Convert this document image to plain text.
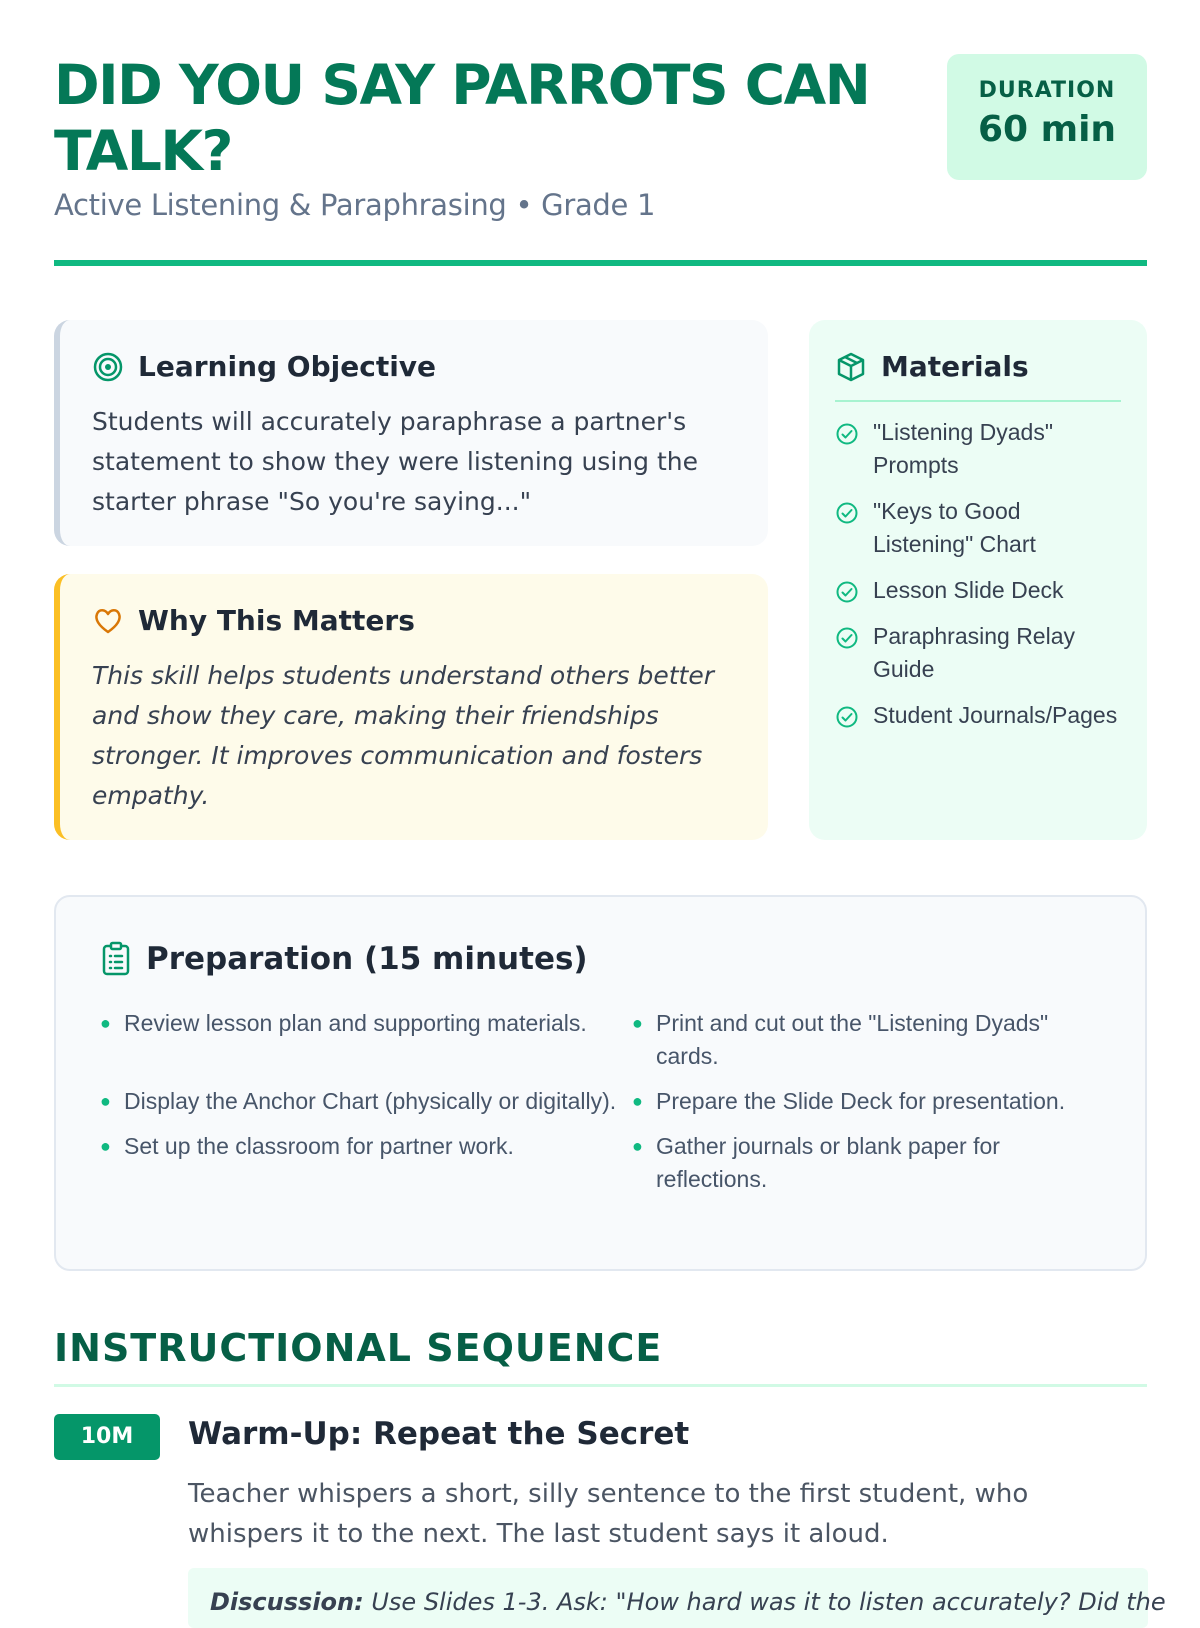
DID YOU SAY PARROTS CAN TALK?
Active Listening & Paraphrasing • Grade 1
DURATION
60 min
Learning Objective

Students will accurately paraphrase a partner's statement to show they were listening using the starter phrase "So you're saying..."

Why This Matters

This skill helps students understand others better and show they care, making their friendships stronger. It improves communication and fosters empathy.

Materials
"Listening Dyads" Prompts
"Keys to Good Listening" Chart
Lesson Slide Deck
Paraphrasing Relay Guide
Student Journals/Pages
Preparation (15 minutes)
● Review lesson plan and supporting materials.	● Print and cut out the "Listening Dyads" cards.
● Display the Anchor Chart (physically or digitally). ● Prepare the Slide Deck for presentation.
● Set up the classroom for partner work.	● Gather journals or blank paper for reflections.
INSTRUCTIONAL SEQUENCE
10M	Warm-Up: Repeat the Secret

Teacher whispers a short, silly sentence to the first student, who whispers it to the next. The last student says it aloud.

Discussion: Use Slides 1-3. Ask: "How hard was it to listen accurately? Did the
